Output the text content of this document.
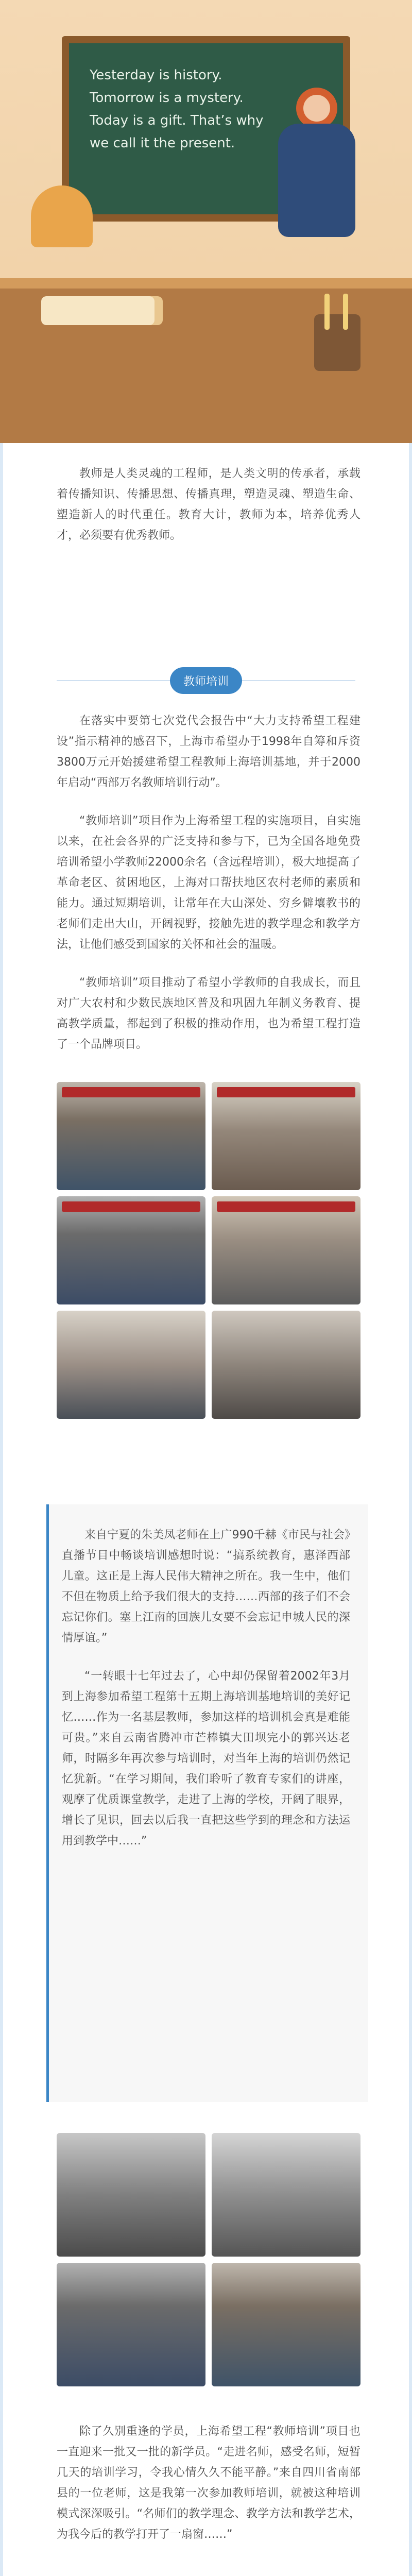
Yesterday is history. Tomorrow is a mystery. Today is a gift. That’s why we call it the present.

教师是人类灵魂的工程师，是人类文明的传承者，承载着传播知识、传播思想、传播真理，塑造灵魂、塑造生命、塑造新人的时代重任。教育大计，教师为本，培养优秀人才，必须要有优秀教师。

教师培训

在落实中要第七次党代会报告中“大力支持希望工程建设”指示精神的感召下，上海市希望办于1998年自筹和斥资3800万元开始援建希望工程教师上海培训基地，并于2000年启动“西部万名教师培训行动”。

“教师培训”项目作为上海希望工程的实施项目，自实施以来，在社会各界的广泛支持和参与下，已为全国各地免费培训希望小学教师22000余名（含远程培训），极大地提高了革命老区、贫困地区，上海对口帮扶地区农村老师的素质和能力。通过短期培训，让常年在大山深处、穷乡僻壤教书的老师们走出大山，开阔视野，接触先进的教学理念和教学方法，让他们感受到国家的关怀和社会的温暖。

“教师培训”项目推动了希望小学教师的自我成长，而且对广大农村和少数民族地区普及和巩固九年制义务教育、提高教学质量，都起到了积极的推动作用，也为希望工程打造了一个品牌项目。

来自宁夏的朱美凤老师在上广990千赫《市民与社会》直播节目中畅谈培训感想时说：“搞系统教育，惠泽西部儿童。这正是上海人民伟大精神之所在。我一生中，他们不但在物质上给予我们很大的支持……西部的孩子们不会忘记你们。塞上江南的回族儿女要不会忘记申城人民的深情厚谊。”

“一转眼十七年过去了，心中却仍保留着2002年3月到上海参加希望工程第十五期上海培训基地培训的美好记忆……作为一名基层教师，参加这样的培训机会真是难能可贵。”来自云南省腾冲市芒棒镇大田坝完小的郭兴达老师，时隔多年再次参与培训时，对当年上海的培训仍然记忆犹新。“在学习期间，我们聆听了教育专家们的讲座，观摩了优质课堂教学，走进了上海的学校，开阔了眼界，增长了见识，回去以后我一直把这些学到的理念和方法运用到教学中……”

除了久别重逢的学员，上海希望工程“教师培训”项目也一直迎来一批又一批的新学员。“走进名师，感受名师，短暂几天的培训学习，令我心情久久不能平静。”来自四川省南部县的一位老师，这是我第一次参加教师培训，就被这种培训模式深深吸引。“名师们的教学理念、教学方法和教学艺术，为我今后的教学打开了一扇窗……”
